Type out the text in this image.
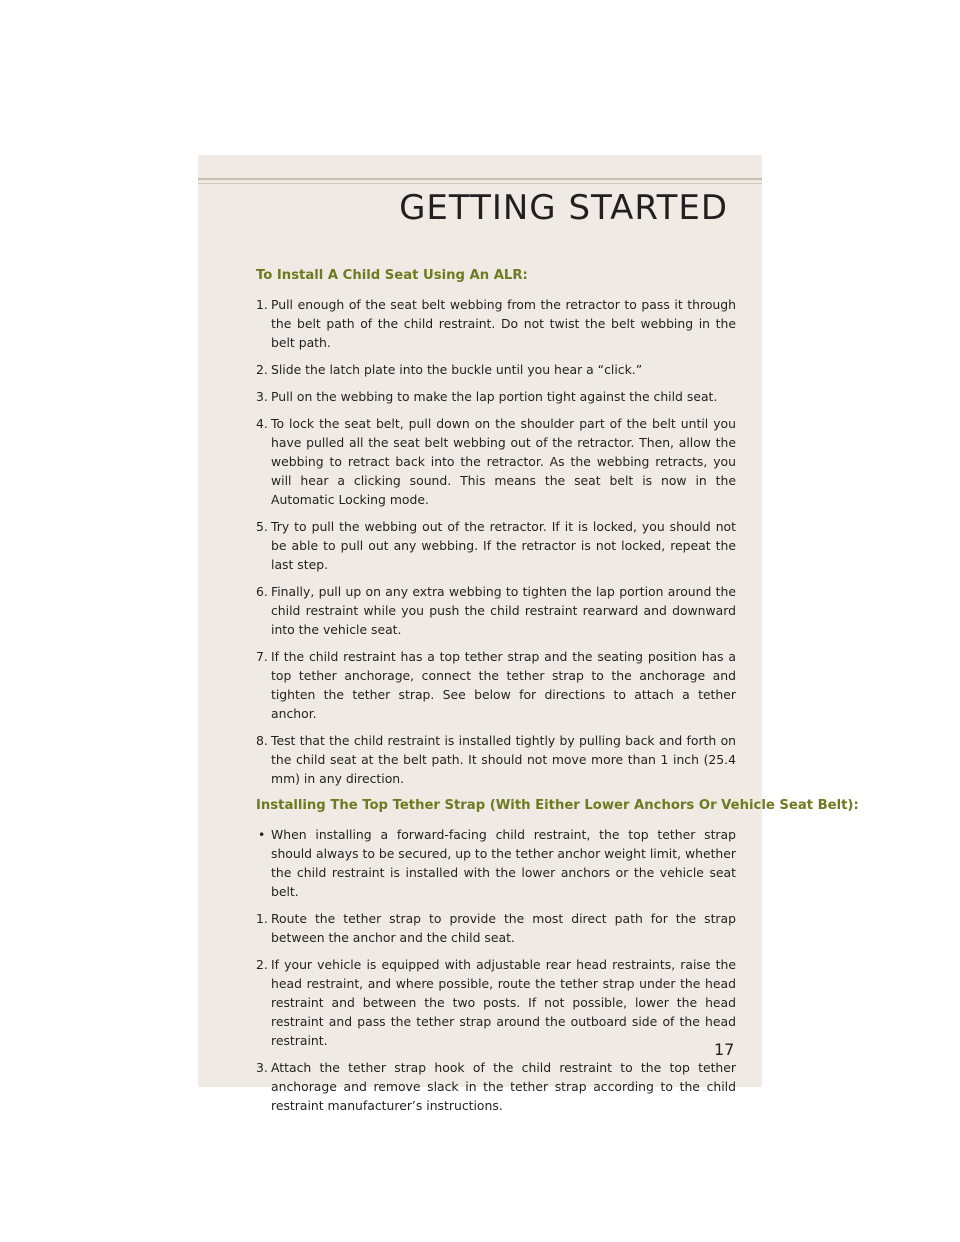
GETTING STARTED
To Install A Child Seat Using An ALR:
1. Pull enough of the seat belt webbing from the retractor to pass it through the belt path of the child restraint. Do not twist the belt webbing in the belt path.
2. Slide the latch plate into the buckle until you hear a “click.”
3. Pull on the webbing to make the lap portion tight against the child seat.
4. To lock the seat belt, pull down on the shoulder part of the belt until you have pulled all the seat belt webbing out of the retractor. Then, allow the webbing to retract back into the retractor. As the webbing retracts, you will hear a clicking sound. This means the seat belt is now in the Automatic Locking mode.
5. Try to pull the webbing out of the retractor. If it is locked, you should not be able to pull out any webbing. If the retractor is not locked, repeat the last step.
6. Finally, pull up on any extra webbing to tighten the lap portion around the child restraint while you push the child restraint rearward and downward into the vehicle seat.
7. If the child restraint has a top tether strap and the seating position has a top tether anchorage, connect the tether strap to the anchorage and tighten the tether strap. See below for directions to attach a tether anchor.
8. Test that the child restraint is installed tightly by pulling back and forth on the child seat at the belt path. It should not move more than 1 inch (25.4 mm) in any direction.
Installing The Top Tether Strap (With Either Lower Anchors Or Vehicle Seat Belt):
• When installing a forward-facing child restraint, the top tether strap should always to be secured, up to the tether anchor weight limit, whether the child restraint is installed with the lower anchors or the vehicle seat belt.
1. Route the tether strap to provide the most direct path for the strap between the anchor and the child seat.
2. If your vehicle is equipped with adjustable rear head restraints, raise the head restraint, and where possible, route the tether strap under the head restraint and between the two posts. If not possible, lower the head restraint and pass the tether strap around the outboard side of the head restraint.
3. Attach the tether strap hook of the child restraint to the top tether anchorage and remove slack in the tether strap according to the child restraint manufacturer’s instructions.
17
